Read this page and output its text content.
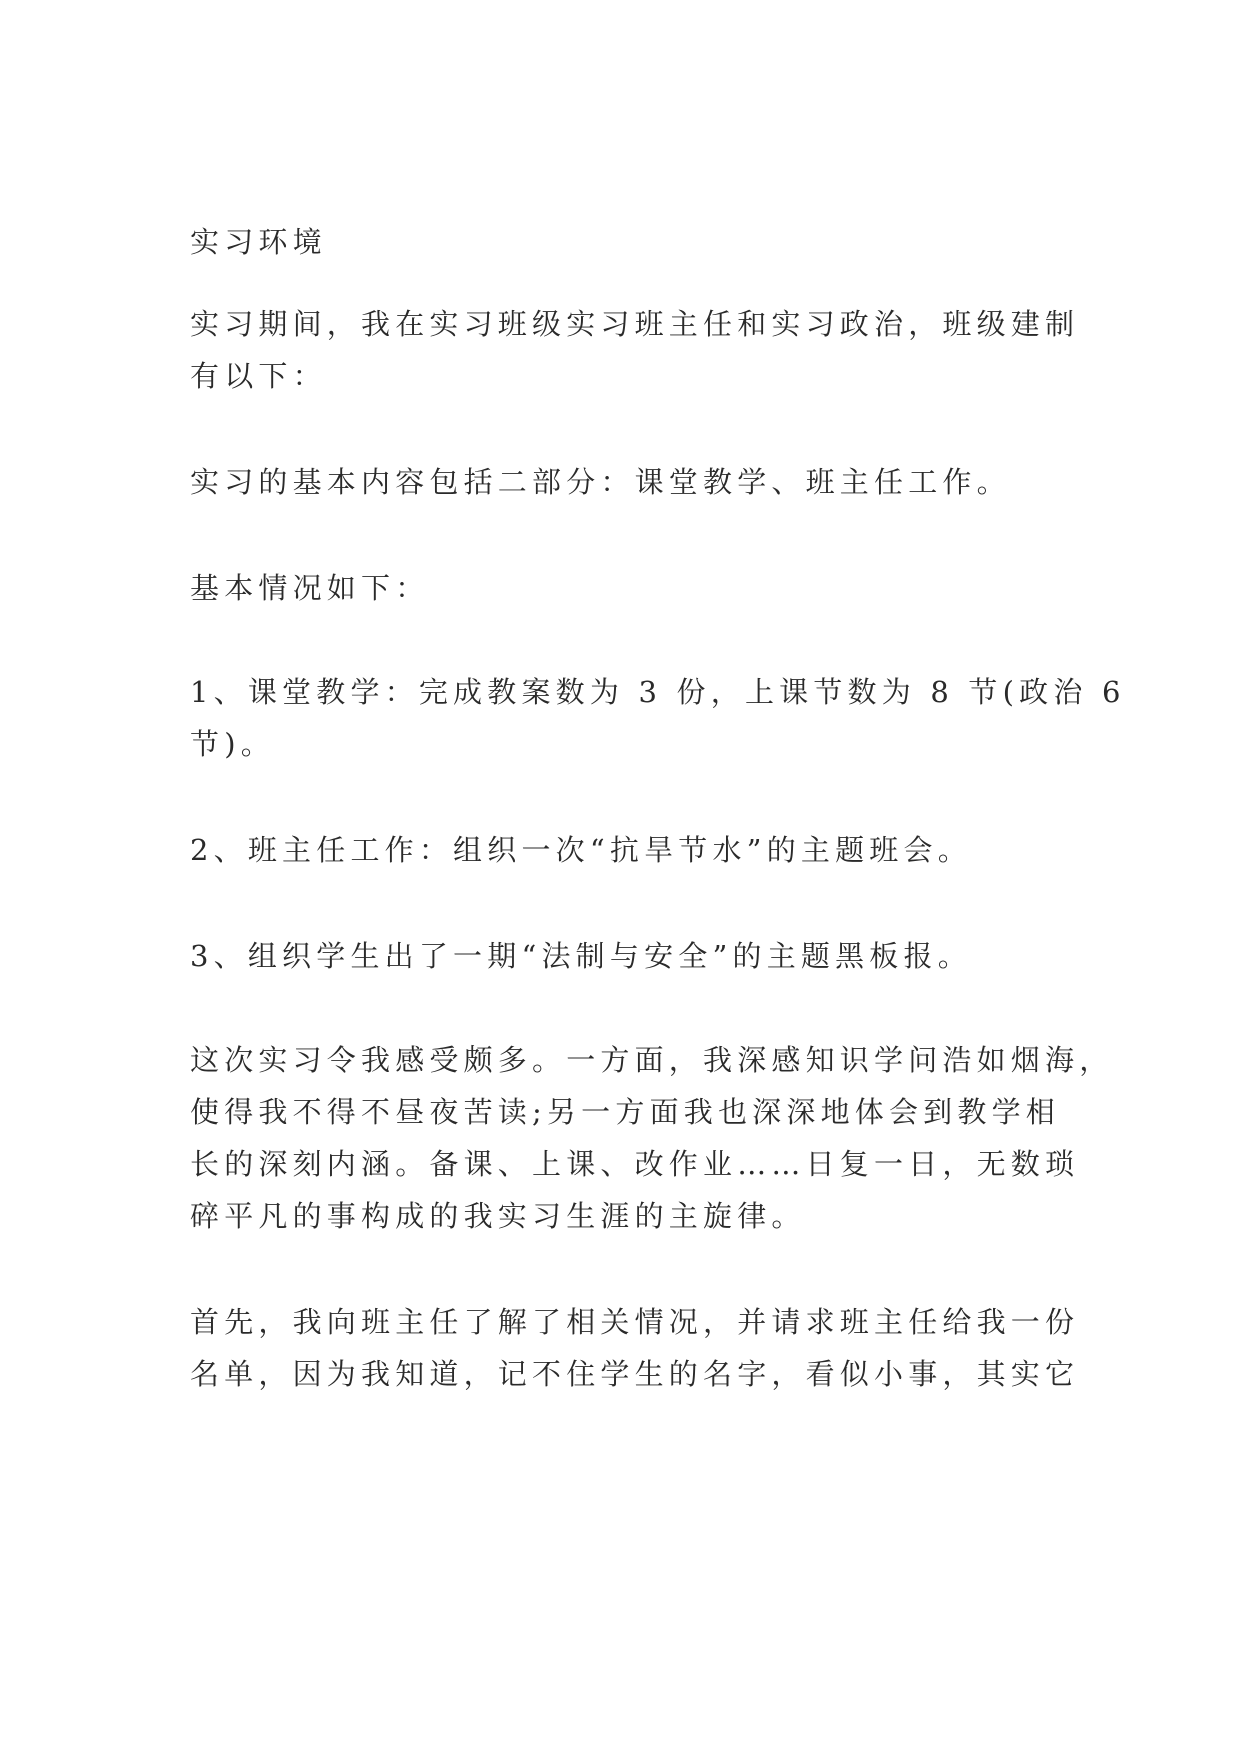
实习环境

实习期间，我在实习班级实习班主任和实习政治，班级建制
有以下：

实习的基本内容包括二部分：课堂教学、班主任工作。

基本情况如下：

1、课堂教学：完成教案数为 3 份，上课节数为 8 节(政治 6
节)。

2、班主任工作：组织一次“抗旱节水”的主题班会。

3、组织学生出了一期“法制与安全”的主题黑板报。

这次实习令我感受颇多。一方面，我深感知识学问浩如烟海，
使得我不得不昼夜苦读;另一方面我也深深地体会到教学相
长的深刻内涵。备课、上课、改作业……日复一日，无数琐
碎平凡的事构成的我实习生涯的主旋律。

首先，我向班主任了解了相关情况，并请求班主任给我一份
名单，因为我知道，记不住学生的名字，看似小事，其实它
